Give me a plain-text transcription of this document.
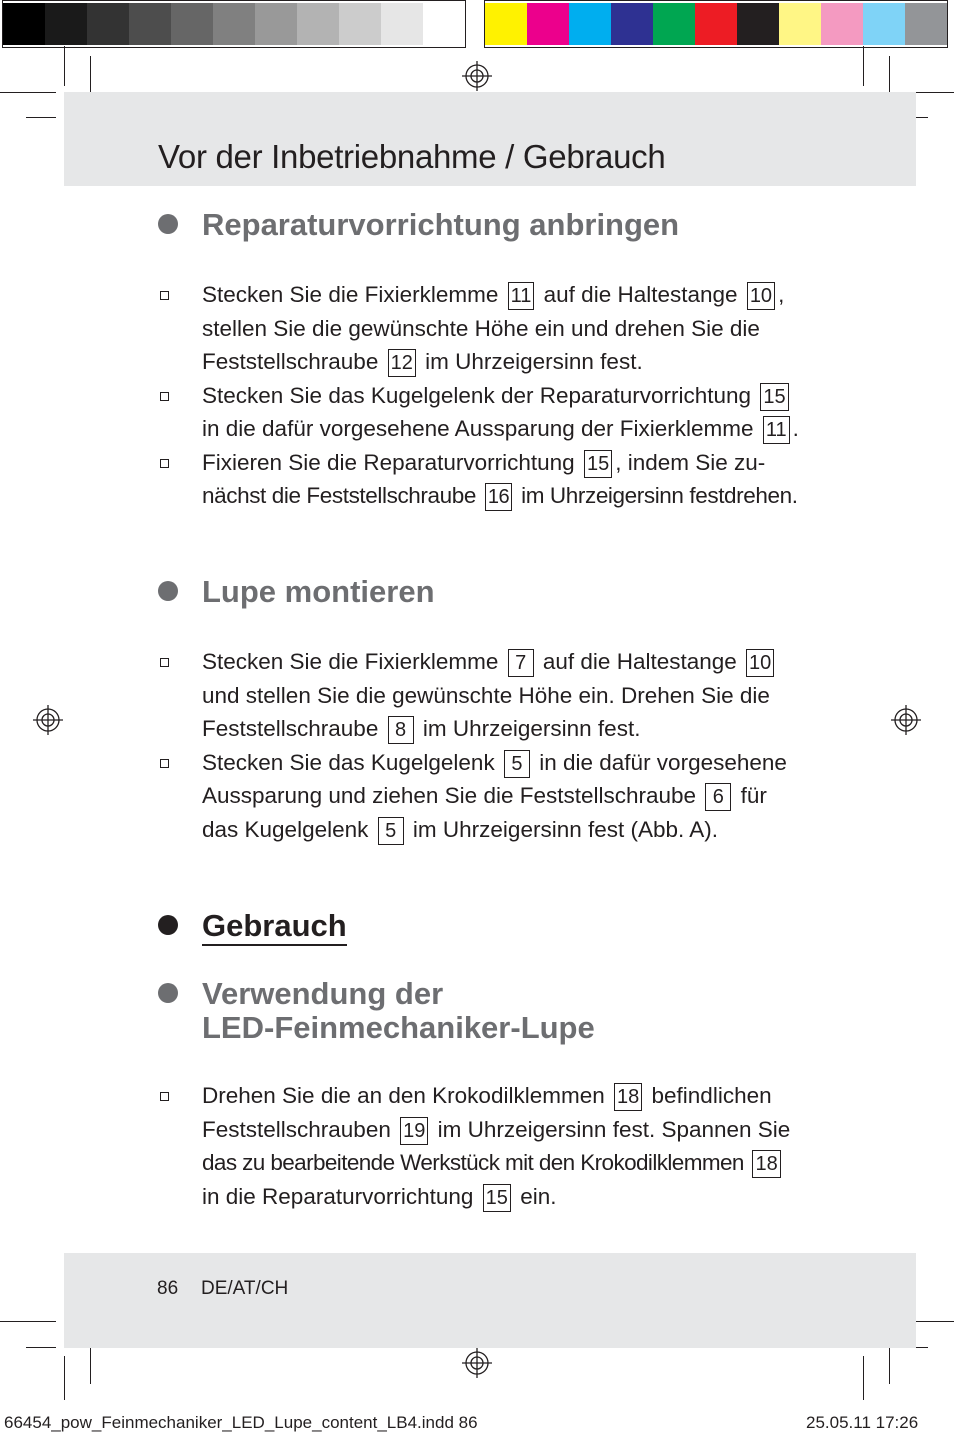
Vor der Inbetriebnahme / Gebrauch
Reparaturvorrichtung anbringen
Stecken Sie die Fixierklemme 11 auf die Haltestange 10 ,
stellen Sie die gewünschte Höhe ein und drehen Sie die
Feststellschraube 12 im Uhrzeigersinn fest.
Stecken Sie das Kugelgelenk der Reparaturvorrichtung 15
in die dafür vorgesehene Aussparung der Fixierklemme 11 .
Fixieren Sie die Reparaturvorrichtung 15 , indem Sie zu-
nächst die Feststellschraube 16 im Uhrzeigersinn festdrehen.
Lupe montieren
Stecken Sie die Fixierklemme 7 auf die Haltestange 10
und stellen Sie die gewünschte Höhe ein. Drehen Sie die
Feststellschraube 8 im Uhrzeigersinn fest.
Stecken Sie das Kugelgelenk 5 in die dafür vorgesehene
Aussparung und ziehen Sie die Feststellschraube 6 für
das Kugelgelenk 5 im Uhrzeigersinn fest (Abb. A).
Gebrauch
Verwendung der
LED-Feinmechaniker-Lupe
Drehen Sie die an den Krokodilklemmen 18 befindlichen
Feststellschrauben 19 im Uhrzeigersinn fest. Spannen Sie
das zu bearbeitende Werkstück mit den Krokodilklemmen 18
in die Reparaturvorrichtung 15 ein.
86 DE/AT/CH
66454_pow_Feinmechaniker_LED_Lupe_content_LB4.indd 86	25.05.11 17:26
